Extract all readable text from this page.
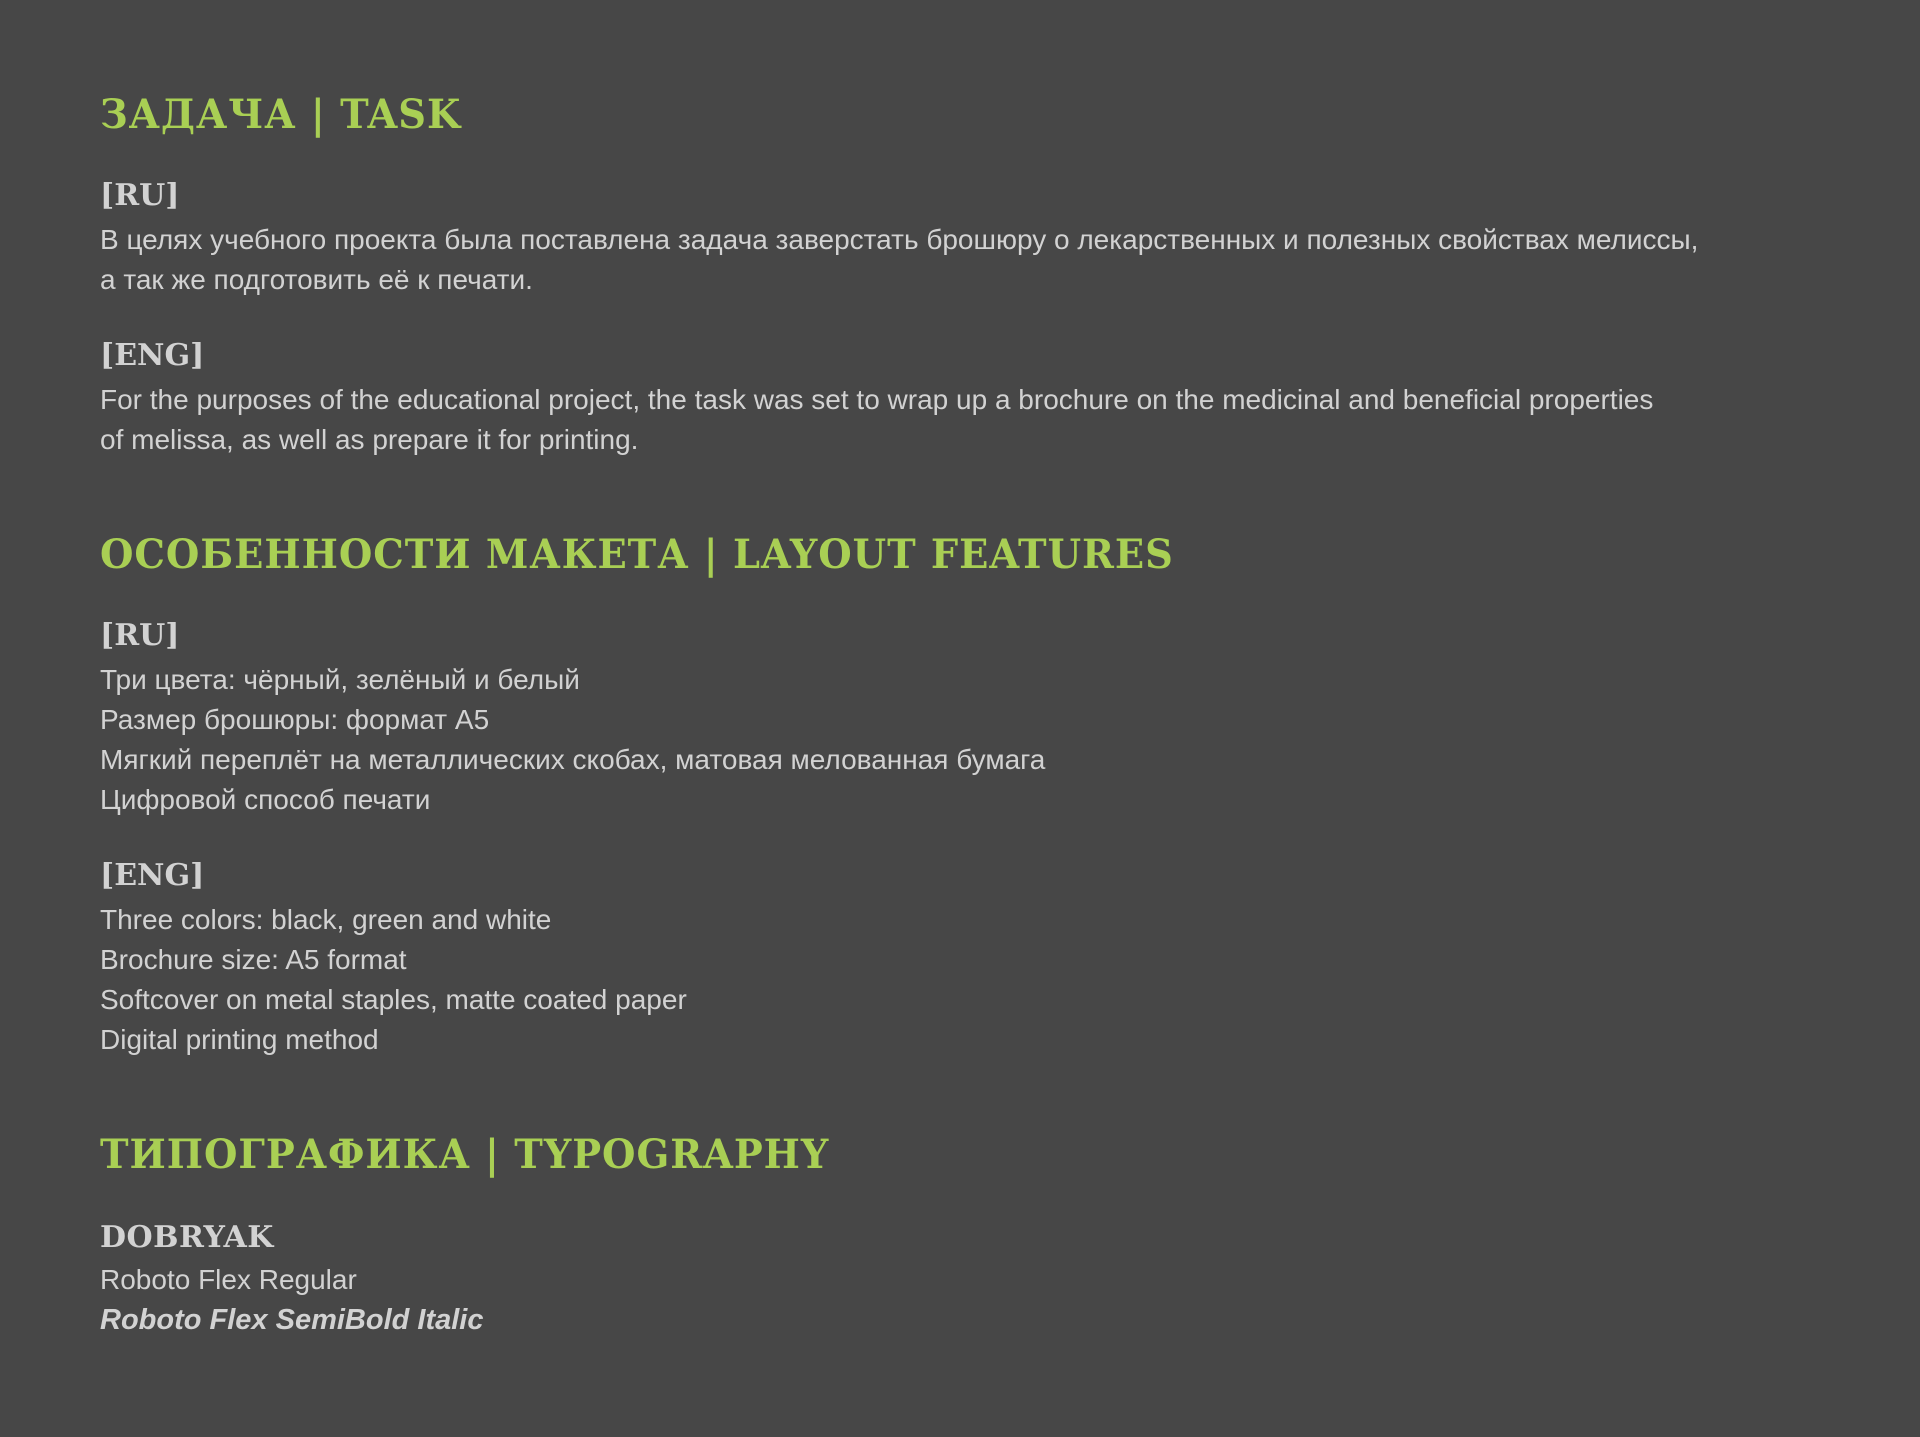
ЗАДАЧА | TASK
[RU]

В целях учебного проекта была поставлена задача заверстать брошюру о лекарственных и полезных свойствах мелиссы,

а так же подготовить её к печати.

[ENG]

For the purposes of the educational project, the task was set to wrap up a brochure on the medicinal and beneficial properties

of melissa, as well as prepare it for printing.

ОСОБЕННОСТИ МАКЕТА | LAYOUT FEATURES
[RU]

Три цвета: чёрный, зелёный и белый

Размер брошюры: формат А5

Мягкий переплёт на металлических скобах, матовая мелованная бумага

Цифровой способ печати

[ENG]

Three colors: black, green and white

Brochure size: A5 format

Softcover on metal staples, matte coated paper

Digital printing method

ТИПОГРАФИКА | TYPOGRAPHY
DOBRYAK
Roboto Flex Regular
Roboto Flex SemiBold Italic
